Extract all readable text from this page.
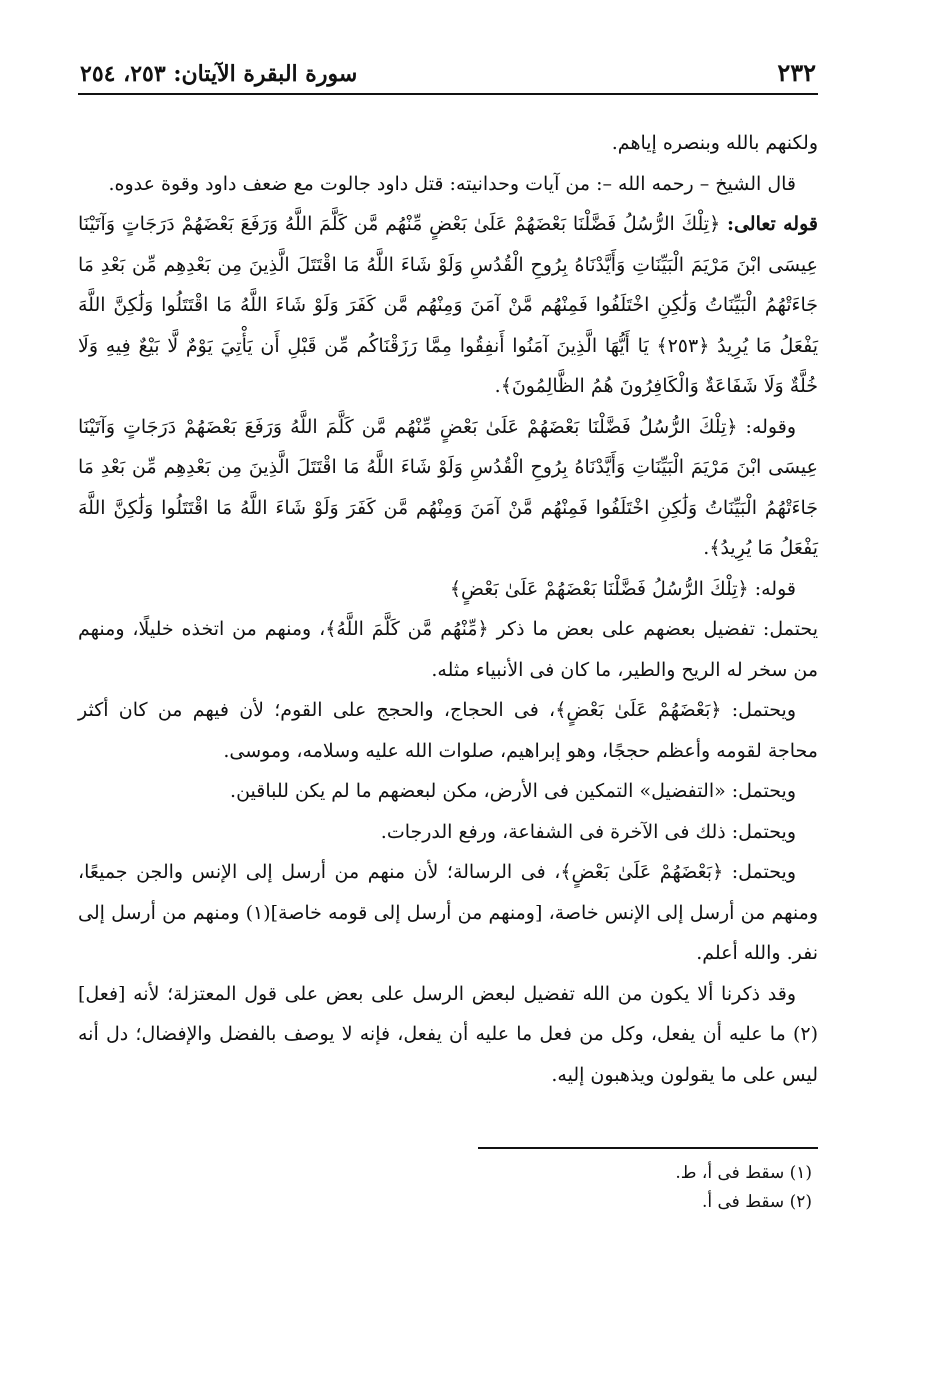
٢٣٢
سورة البقرة الآيتان: ٢٥٣، ٢٥٤

ولكنهم بالله وبنصره إياهم.

قال الشيخ – رحمه الله –: من آيات وحدانيته: قتل داود جالوت مع ضعف داود وقوة عدوه.

قوله تعالى: ﴿تِلْكَ الرُّسُلُ فَضَّلْنَا بَعْضَهُمْ عَلَىٰ بَعْضٍ مِّنْهُم مَّن كَلَّمَ اللَّهُ وَرَفَعَ بَعْضَهُمْ دَرَجَاتٍ وَآتَيْنَا عِيسَى ابْنَ مَرْيَمَ الْبَيِّنَاتِ وَأَيَّدْنَاهُ بِرُوحِ الْقُدُسِ وَلَوْ شَاءَ اللَّهُ مَا اقْتَتَلَ الَّذِينَ مِن بَعْدِهِم مِّن بَعْدِ مَا جَاءَتْهُمُ الْبَيِّنَاتُ وَلَٰكِنِ اخْتَلَفُوا فَمِنْهُم مَّنْ آمَنَ وَمِنْهُم مَّن كَفَرَ وَلَوْ شَاءَ اللَّهُ مَا اقْتَتَلُوا وَلَٰكِنَّ اللَّهَ يَفْعَلُ مَا يُرِيدُ ﴿٢٥٣﴾ يَا أَيُّهَا الَّذِينَ آمَنُوا أَنفِقُوا مِمَّا رَزَقْنَاكُم مِّن قَبْلِ أَن يَأْتِيَ يَوْمٌ لَّا بَيْعٌ فِيهِ وَلَا خُلَّةٌ وَلَا شَفَاعَةٌ وَالْكَافِرُونَ هُمُ الظَّالِمُونَ﴾.

وقوله: ﴿تِلْكَ الرُّسُلُ فَضَّلْنَا بَعْضَهُمْ عَلَىٰ بَعْضٍ مِّنْهُم مَّن كَلَّمَ اللَّهُ وَرَفَعَ بَعْضَهُمْ دَرَجَاتٍ وَآتَيْنَا عِيسَى ابْنَ مَرْيَمَ الْبَيِّنَاتِ وَأَيَّدْنَاهُ بِرُوحِ الْقُدُسِ وَلَوْ شَاءَ اللَّهُ مَا اقْتَتَلَ الَّذِينَ مِن بَعْدِهِم مِّن بَعْدِ مَا جَاءَتْهُمُ الْبَيِّنَاتُ وَلَٰكِنِ اخْتَلَفُوا فَمِنْهُم مَّنْ آمَنَ وَمِنْهُم مَّن كَفَرَ وَلَوْ شَاءَ اللَّهُ مَا اقْتَتَلُوا وَلَٰكِنَّ اللَّهَ يَفْعَلُ مَا يُرِيدُ﴾.

قوله: ﴿تِلْكَ الرُّسُلُ فَضَّلْنَا بَعْضَهُمْ عَلَىٰ بَعْضٍ﴾

يحتمل: تفضيل بعضهم على بعض ما ذكر ﴿مِّنْهُم مَّن كَلَّمَ اللَّهُ﴾، ومنهم من اتخذه خليلًا، ومنهم من سخر له الريح والطير، ما كان فى الأنبياء مثله.

ويحتمل: ﴿بَعْضَهُمْ عَلَىٰ بَعْضٍ﴾، فى الحجاج، والحجج على القوم؛ لأن فيهم من كان أكثر محاجة لقومه وأعظم حججًا، وهو إبراهيم، صلوات الله عليه وسلامه، وموسى.

ويحتمل: «التفضيل» التمكين فى الأرض، مكن لبعضهم ما لم يكن للباقين.

ويحتمل: ذلك فى الآخرة فى الشفاعة، ورفع الدرجات.

ويحتمل: ﴿بَعْضَهُمْ عَلَىٰ بَعْضٍ﴾، فى الرسالة؛ لأن منهم من أرسل إلى الإنس والجن جميعًا، ومنهم من أرسل إلى الإنس خاصة، [ومنهم من أرسل إلى قومه خاصة](١) ومنهم من أرسل إلى نفر. والله أعلم.

وقد ذكرنا ألا يكون من الله تفضيل لبعض الرسل على بعض على قول المعتزلة؛ لأنه [فعل](٢) ما عليه أن يفعل، وكل من فعل ما عليه أن يفعل، فإنه لا يوصف بالفضل والإفضال؛ دل أنه ليس على ما يقولون ويذهبون إليه.

(١) سقط فى أ، ط.

(٢) سقط فى أ.
